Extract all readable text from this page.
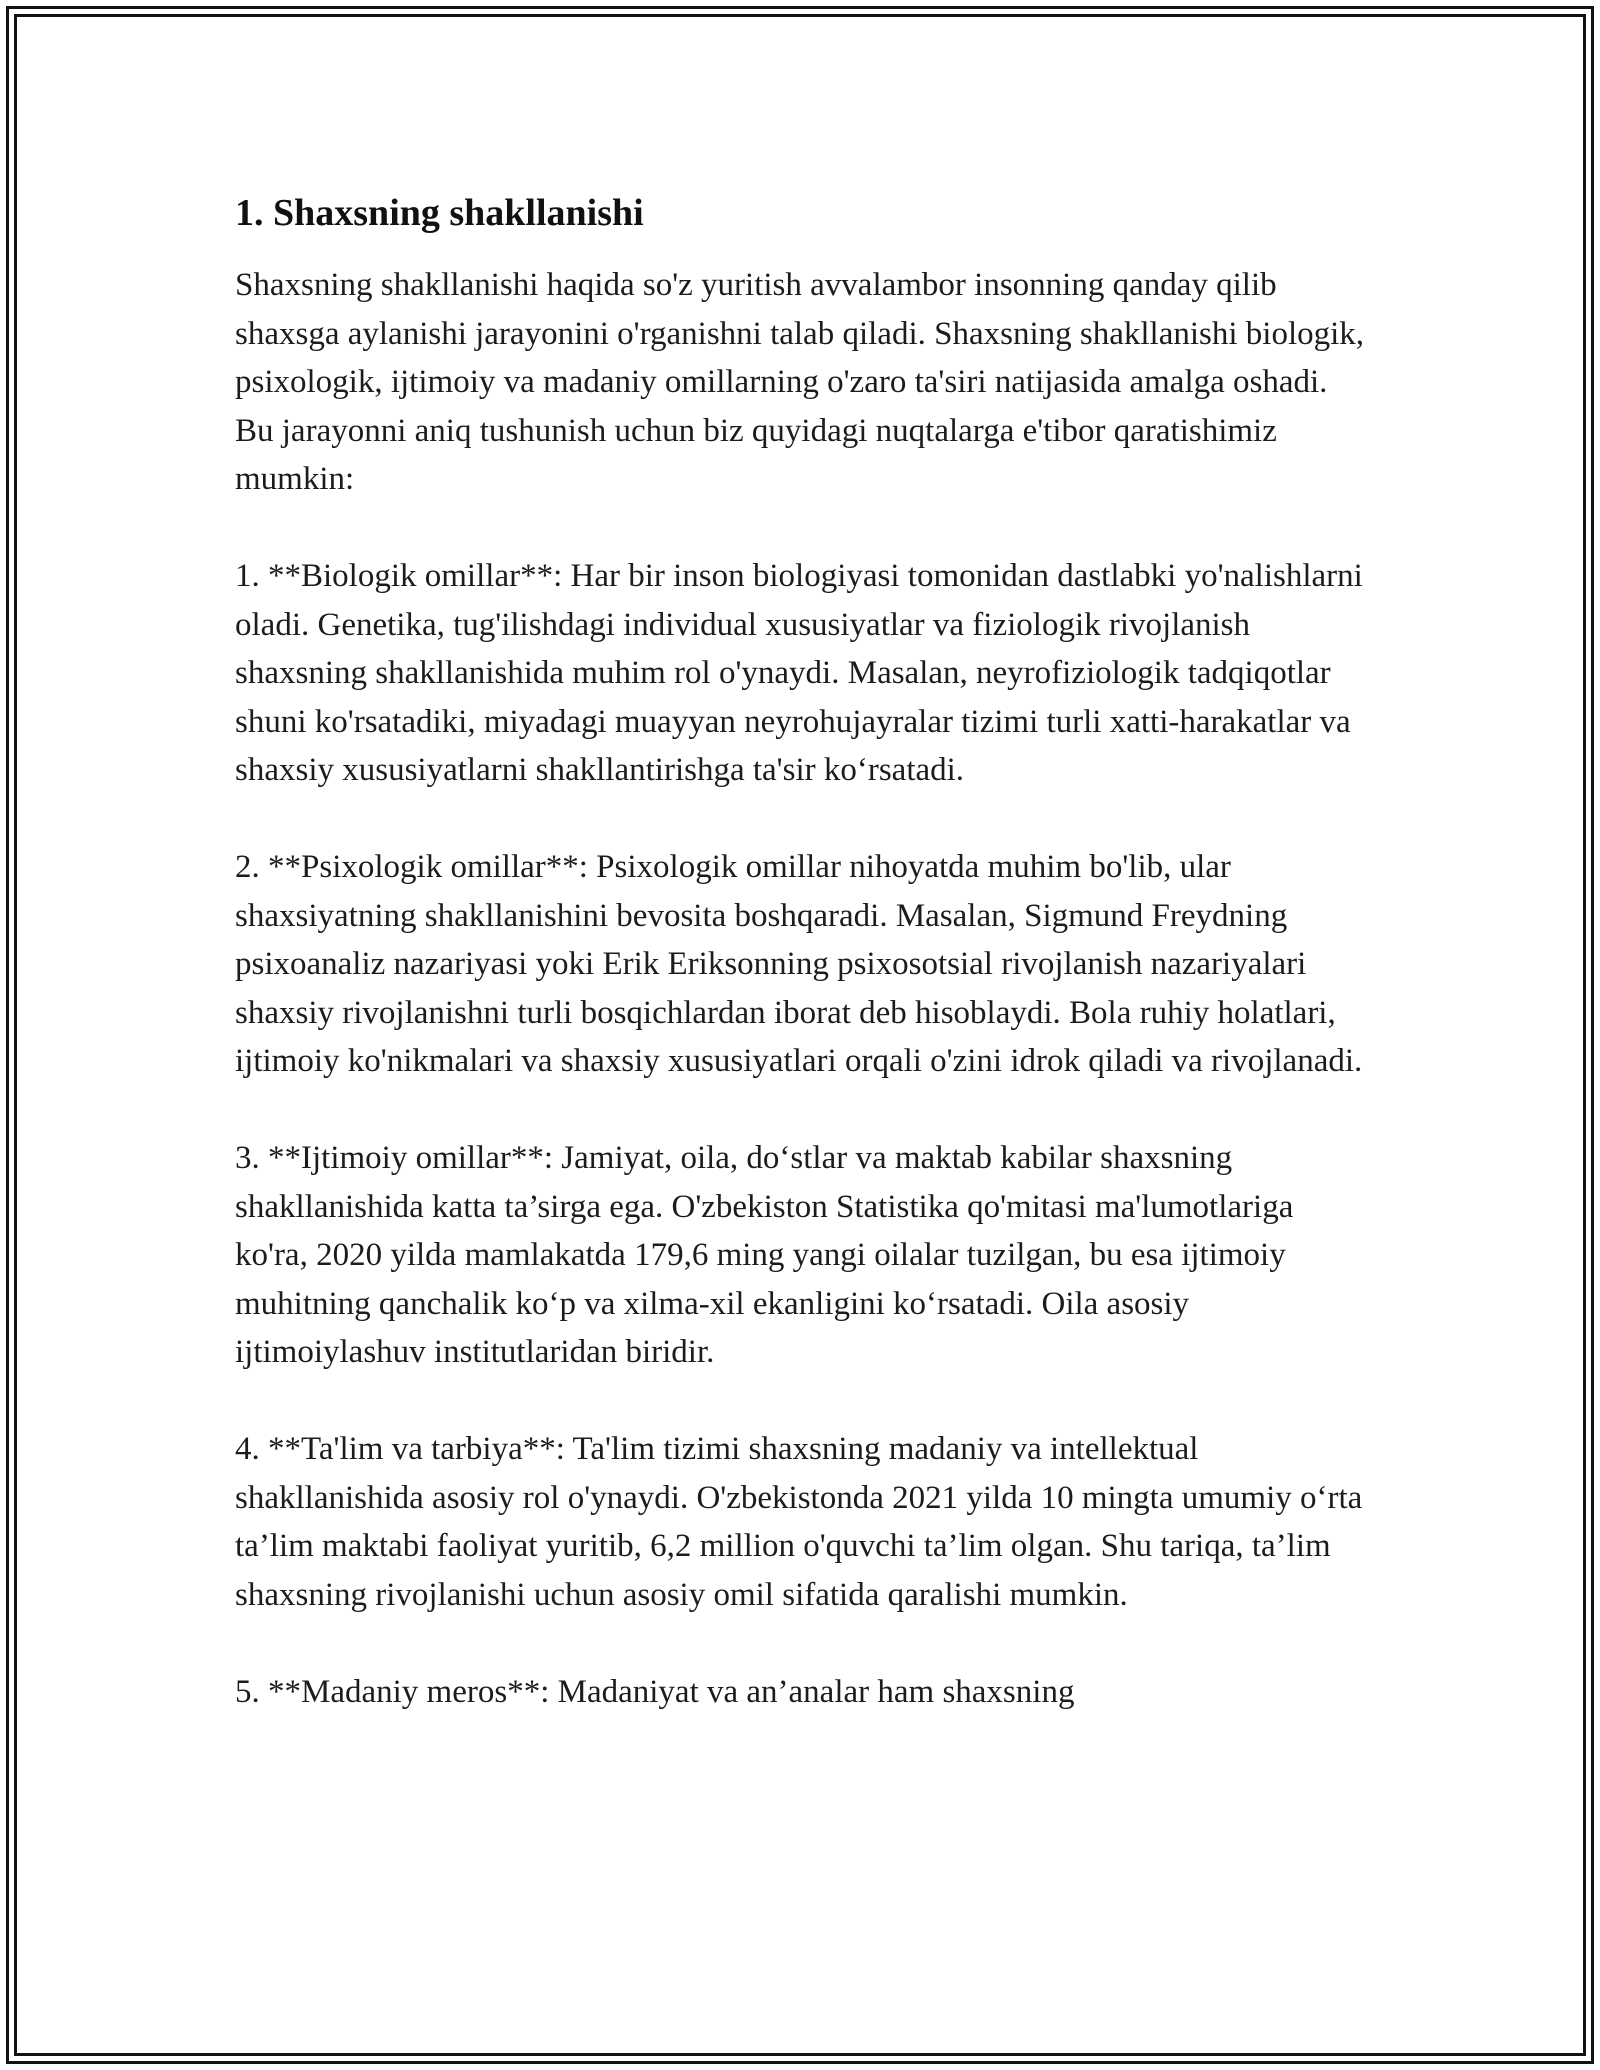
1. Shaxsning shakllanishi

Shaxsning shakllanishi haqida so'z yuritish avvalambor insonning qanday qilib shaxsga aylanishi jarayonini o'rganishni talab qiladi. Shaxsning shakllanishi biologik, psixologik, ijtimoiy va madaniy omillarning o'zaro ta'siri natijasida amalga oshadi. Bu jarayonni aniq tushunish uchun biz quyidagi nuqtalarga e'tibor qaratishimiz mumkin:

1. **Biologik omillar**: Har bir inson biologiyasi tomonidan dastlabki yo'nalishlarni oladi. Genetika, tug'ilishdagi individual xususiyatlar va fiziologik rivojlanish shaxsning shakllanishida muhim rol o'ynaydi. Masalan, neyrofiziologik tadqiqotlar shuni ko'rsatadiki, miyadagi muayyan neyrohujayralar tizimi turli xatti-harakatlar va shaxsiy xususiyatlarni shakllantirishga ta'sir ko‘rsatadi.

2. **Psixologik omillar**: Psixologik omillar nihoyatda muhim bo'lib, ular shaxsiyatning shakllanishini bevosita boshqaradi. Masalan, Sigmund Freydning psixoanaliz nazariyasi yoki Erik Eriksonning psixosotsial rivojlanish nazariyalari shaxsiy rivojlanishni turli bosqichlardan iborat deb hisoblaydi. Bola ruhiy holatlari, ijtimoiy ko'nikmalari va shaxsiy xususiyatlari orqali o'zini idrok qiladi va rivojlanadi.

3. **Ijtimoiy omillar**: Jamiyat, oila, do‘stlar va maktab kabilar shaxsning shakllanishida katta ta’sirga ega. O'zbekiston Statistika qo'mitasi ma'lumotlariga ko'ra, 2020 yilda mamlakatda 179,6 ming yangi oilalar tuzilgan, bu esa ijtimoiy muhitning qanchalik ko‘p va xilma-xil ekanligini ko‘rsatadi. Oila asosiy ijtimoiylashuv institutlaridan biridir.

4. **Ta'lim va tarbiya**: Ta'lim tizimi shaxsning madaniy va intellektual shakllanishida asosiy rol o'ynaydi. O'zbekistonda 2021 yilda 10 mingta umumiy o‘rta ta’lim maktabi faoliyat yuritib, 6,2 million o'quvchi ta’lim olgan. Shu tariqa, ta’lim shaxsning rivojlanishi uchun asosiy omil sifatida qaralishi mumkin.

5. **Madaniy meros**: Madaniyat va an’analar ham shaxsning
